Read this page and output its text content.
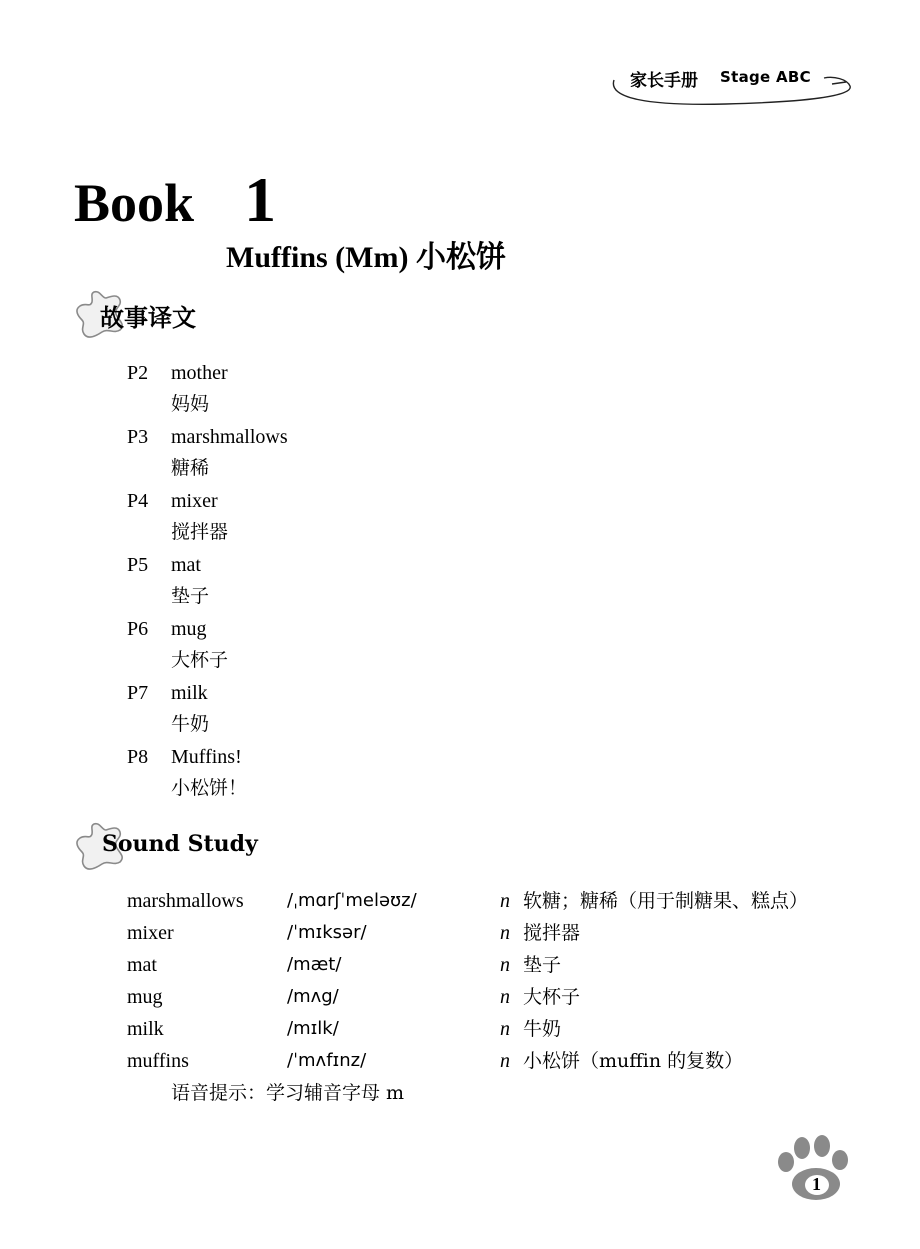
家长手册 Stage ABC
Book 1
Muffins (Mm) 小松饼
故事译文
P2 mother
妈妈
P3 marshmallows
糖稀
P4 mixer
搅拌器
P5 mat
垫子
P6 mug
大杯子
P7 milk
牛奶
P8 Muffins!
小松饼！
Sound Study
marshmallows /ˌmɑrʃˈmeləʊz/	n 软糖；糖稀（用于制糖果、糕点）
mixer	/ˈmɪksər/	n 搅拌器
mat	/mæt/	n 垫子
mug	/mʌg/	n 大杯子
milk	/mɪlk/	n 牛奶
muffins	/ˈmʌfɪnz/	n 小松饼（muffin 的复数）
语音提示：学习辅音字母 m
1
